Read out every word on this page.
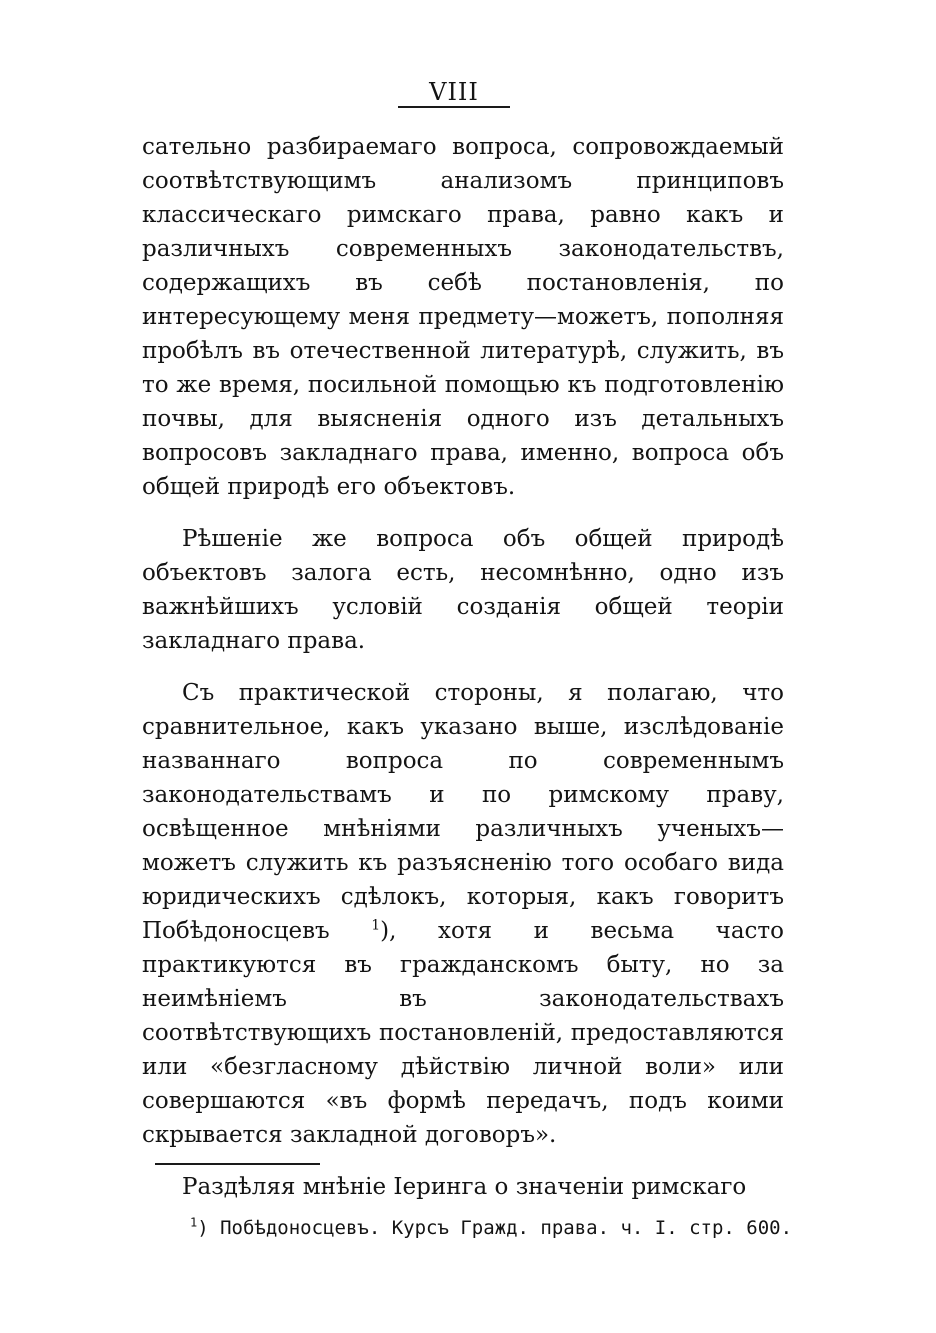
VIII

сательно разбираемаго вопроса, сопровождаемый соотвѣтствующимъ анализомъ принциповъ классическаго римскаго права, равно какъ и различныхъ современныхъ законодательствъ, содержащихъ въ себѣ постановленія, по интересующему меня предмету—можетъ, пополняя пробѣлъ въ отечественной литературѣ, служить, въ то же время, посильной помощью къ подготовленію почвы, для выясненія одного изъ детальныхъ вопросовъ закладнаго права, именно, вопроса объ общей природѣ его объектовъ.

Рѣшеніе же вопроса объ общей природѣ объектовъ залога есть, несомнѣнно, одно изъ важнѣйшихъ условій созданія общей теоріи закладнаго права.

Съ практической стороны, я полагаю, что сравнительное, какъ указано выше, изслѣдованіе названнаго вопроса по современнымъ законодательствамъ и по римскому праву, освѣщенное мнѣніями различныхъ ученыхъ—можетъ служить къ разъясненію того особаго вида юридическихъ сдѣлокъ, которыя, какъ говоритъ Побѣдоносцевъ $^1$), хотя и весьма часто практикуются въ гражданскомъ быту, но за неимѣніемъ въ законодательствахъ соотвѣтствующихъ постановленій, предоставляются или «безгласному дѣйствію личной воли» или совершаются «въ формѣ передачъ, подъ коими скрывается закладной договоръ».

Раздѣляя мнѣніе Іеринга о значеніи римскаго

$^1$) Побѣдоносцевъ. Курсъ Гражд. права. ч. I. стр. 600.
